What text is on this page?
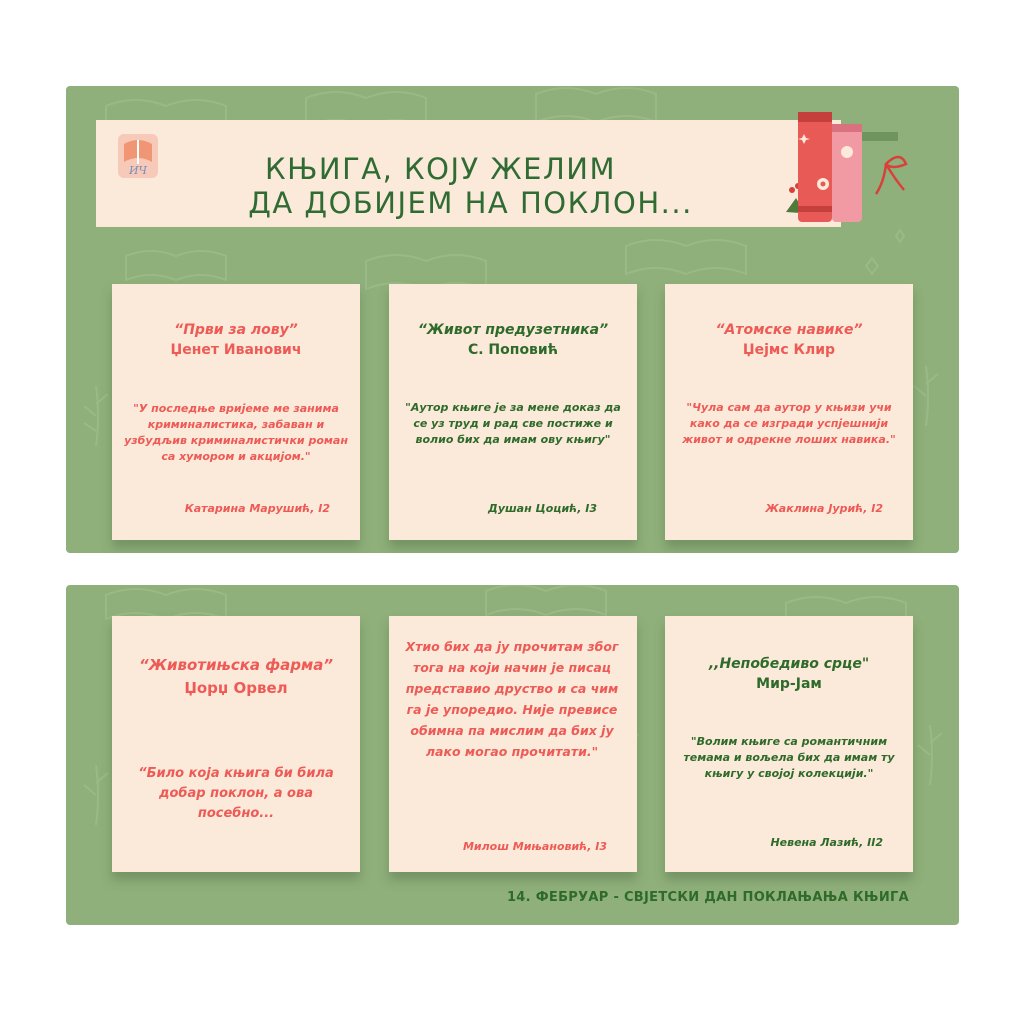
ИЧ	КЊИГА, КОЈУ ЖЕЛИМ
ДА ДОБИЈЕМ НА ПОКЛОН...

“Први за лову”

Џенет Иванович

"У последње вријеме ме занима криминалистика, забаван и узбудљив криминалистички роман са хумором и акцијом."

Катарина Марушић, I2

“Живот предузетника”

С. Поповић

"Аутор књиге је за мене доказ да се уз труд и рад све постиже и волио бих да имам ову књигу"

Душан Цоцић, I3

“Атомске навике”

Џејмс Клир

"Чула сам да аутор у књизи учи како да се изгради успјешнији живот и одрекне лоших навика."

Жаклина Јурић, I2

“Животињска фарма”

Џорџ Орвел

“Било која књига би била добар поклон, а ова посебно...

Хтио бих да ју прочитам због тога на који начин је писац представио друство и са чим га је упоредио. Није превисе обимна па мислим да бих ју лако могао прочитати."

Милош Мињановић, I3

,,Непобедиво срце"

Мир-Јам

"Волим књиге са романтичним темама и вољела бих да имам ту књигу у својој колекцији."

Невена Лазић, II2

14. ФЕБРУАР - СВЈЕТСКИ ДАН ПОКЛАЊАЊА КЊИГА
